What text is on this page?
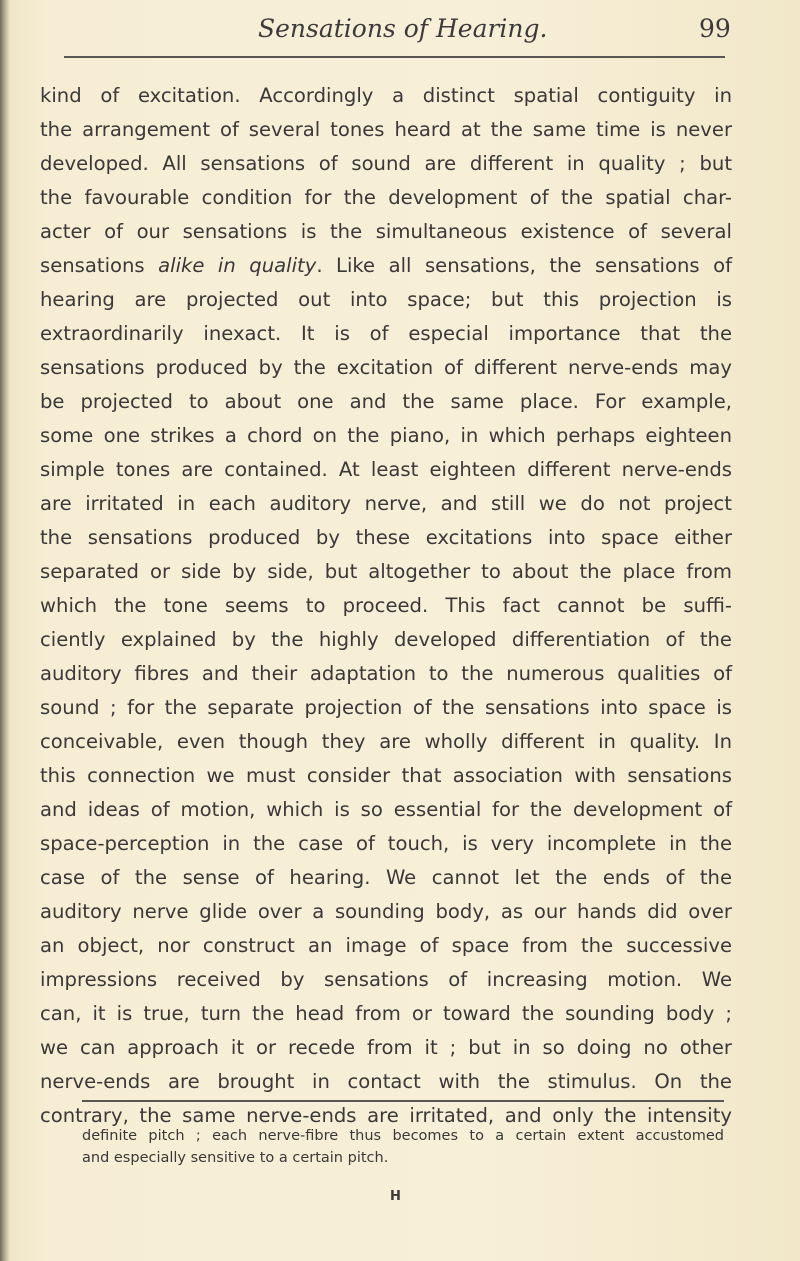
Sensations of Hearing.	99
kind of excitation. Accordingly a distinct spatial contiguity in
the arrangement of several tones heard at the same time is never
developed. All sensations of sound are different in quality ; but
the favourable condition for the development of the spatial char-
acter of our sensations is the simultaneous existence of several
sensations alike in quality. Like all sensations, the sensations of
hearing are projected out into space; but this projection is
extraordinarily inexact. It is of especial importance that the
sensations produced by the excitation of different nerve-ends may
be projected to about one and the same place. For example,
some one strikes a chord on the piano, in which perhaps eighteen
simple tones are contained. At least eighteen different nerve-ends
are irritated in each auditory nerve, and still we do not project
the sensations produced by these excitations into space either
separated or side by side, but altogether to about the place from
which the tone seems to proceed. This fact cannot be suffi-
ciently explained by the highly developed differentiation of the
auditory fibres and their adaptation to the numerous qualities of
sound ; for the separate projection of the sensations into space is
conceivable, even though they are wholly different in quality. In
this connection we must consider that association with sensations
and ideas of motion, which is so essential for the development of
space-perception in the case of touch, is very incomplete in the
case of the sense of hearing. We cannot let the ends of the
auditory nerve glide over a sounding body, as our hands did over
an object, nor construct an image of space from the successive
impressions received by sensations of increasing motion. We
can, it is true, turn the head from or toward the sounding body ;
we can approach it or recede from it ; but in so doing no other
nerve-ends are brought in contact with the stimulus. On the
contrary, the same nerve-ends are irritated, and only the intensity
definite pitch ; each nerve-fibre thus becomes to a certain extent accustomed
and especially sensitive to a certain pitch.
H
